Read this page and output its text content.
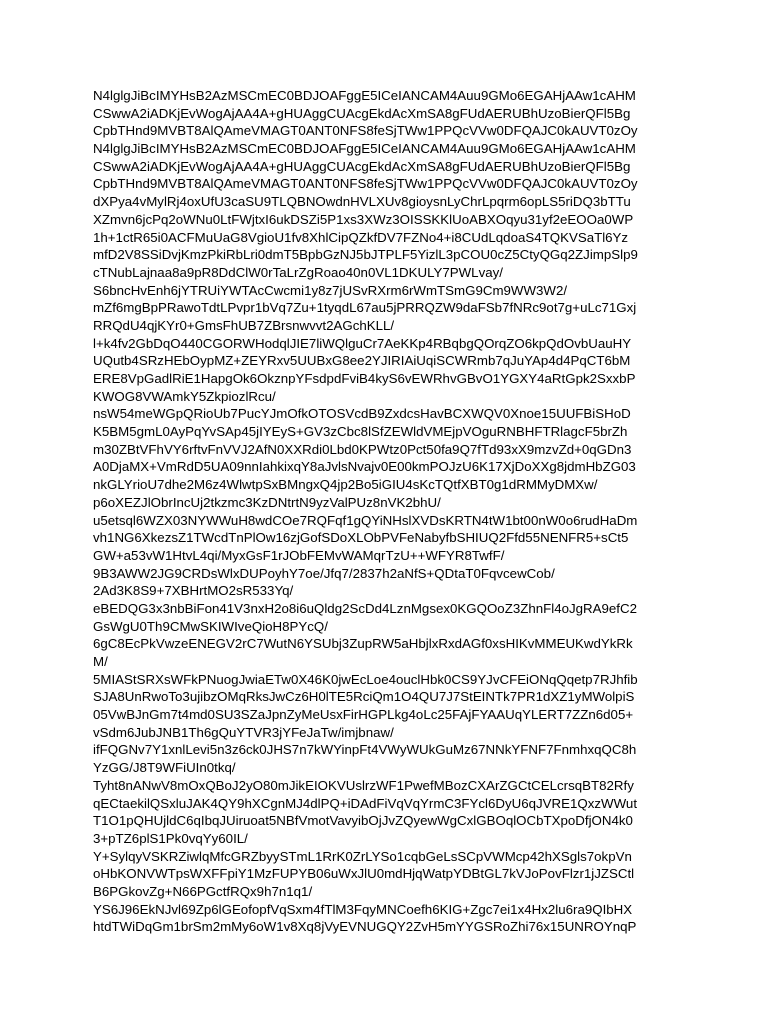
N4lglgJiBcIMYHsB2AzMSCmEC0BDJOAFggE5ICeIANCAM4Auu9GMo6EGAHjAAw1cAHM
CSwwA2iADKjEvWogAjAA4A+gHUAggCUAcgEkdAcXmSA8gFUdAERUBhUzoBierQFl5Bg
CpbTHnd9MVBT8AlQAmeVMAGT0ANT0NFS8feSjTWw1PPQcVVw0DFQAJC0kAUVT0zOy
N4lglgJiBcIMYHsB2AzMSCmEC0BDJOAFggE5ICeIANCAM4Auu9GMo6EGAHjAAw1cAHM
CSwwA2iADKjEvWogAjAA4A+gHUAggCUAcgEkdAcXmSA8gFUdAERUBhUzoBierQFl5Bg
CpbTHnd9MVBT8AlQAmeVMAGT0ANT0NFS8feSjTWw1PPQcVVw0DFQAJC0kAUVT0zOy
dXPya4vMylRj4oxUfU3caSU9TLQBNOwdnHVLXUv8gioysnLyChrLpqrm6opLS5riDQ3bTTu
XZmvn6jcPq2oWNu0LtFWjtxI6ukDSZi5P1xs3XWz3OISSKKlUoABXOqyu31yf2eEOOa0WP
1h+1ctR65i0ACFMuUaG8VgioU1fv8XhlCipQZkfDV7FZNo4+i8CUdLqdoaS4TQKVSaTl6Yz
mfD2V8SSiDvjKmzPkiRbLri0dmT5BpbGzNJ5bJTPLF5YizlL3pCOU0cZ5CtyQGq2ZJimpSlp9
cTNubLajnaa8a9pR8DdClW0rTaLrZgRoao40n0VL1DKULY7PWLvay/
S6bncHvEnh6jYTRUiYWTAcCwcmi1y8z7jUSvRXrm6rWmTSmG9Cm9WW3W2/
mZf6mgBpPRawoTdtLPvpr1bVq7Zu+1tyqdL67au5jPRRQZW9daFSb7fNRc9ot7g+uLc71Gxj
RRQdU4qjKYr0+GmsFhUB7ZBrsnwvvt2AGchKLL/
l+k4fv2GbDqO440CGORWHodqlJIE7liWQlguCr7AeKKp4RBqbgQOrqZO6kpQdOvbUauHY
UQutb4SRzHEbOypMZ+ZEYRxv5UUBxG8ee2YJIRIAiUqiSCWRmb7qJuYAp4d4PqCT6bM
ERE8VpGadlRiE1HapgOk6OkznpYFsdpdFviB4kyS6vEWRhvGBvO1YGXY4aRtGpk2SxxbP
KWOG8VWAmkY5ZkpiozlRcu/
nsW54meWGpQRioUb7PucYJmOfkOTOSVcdB9ZxdcsHavBCXWQV0Xnoe15UUFBiSHoD
K5BM5gmL0AyPqYvSAp45jIYEyS+GV3zCbc8lSfZEWldVMEjpVOguRNBHFTRlagcF5brZh
m30ZBtVFhVY6rftvFnVVJ2AfN0XXRdi0Lbd0KPWtz0Pct50fa9Q7fTd93xX9mzvZd+0qGDn3
A0DjaMX+VmRdD5UA09nnIahkixqY8aJvlsNvajv0E00kmPOJzU6K17XjDoXXg8jdmHbZG03
nkGLYrioU7dhe2M6z4WlwtpSxBMngxQ4jp2Bo5iGIU4sKcTQtfXBT0g1dRMMyDMXw/
p6oXEZJlObrIncUj2tkzmc3KzDNtrtN9yzValPUz8nVK2bhU/
u5etsql6WZX03NYWWuH8wdCOe7RQFqf1gQYiNHslXVDsKRTN4tW1bt00nW0o6rudHaDm
vh1NG6XkezsZ1TWcdTnPlOw16zjGofSDoXLObPVFeNabyfbSHIUQ2Ffd55NENFR5+sCt5
GW+a53vW1HtvL4qi/MyxGsF1rJObFEMvWAMqrTzU++WFYR8TwfF/
9B3AWW2JG9CRDsWlxDUPoyhY7oe/Jfq7/2837h2aNfS+QDtaT0FqvcewCob/
2Ad3K8S9+7XBHrtMO2sR533Yq/
eBEDQG3x3nbBiFon41V3nxH2o8i6uQldg2ScDd4LznMgsex0KGQOoZ3ZhnFl4oJgRA9efC2
GsWgU0Th9CMwSKIWIveQioH8PYcQ/
6gC8EcPkVwzeENEGV2rC7WutN6YSUbj3ZupRW5aHbjlxRxdAGf0xsHIKvMMEUKwdYkRk
M/
5MIAStSRXsWFkPNuogJwiaETw0X46K0jwEcLoe4ouclHbk0CS9YJvCFEiONqQqetp7RJhfib
SJA8UnRwoTo3ujibzOMqRksJwCz6H0lTE5RciQm1O4QU7J7StEINTk7PR1dXZ1yMWolpiS
05VwBJnGm7t4md0SU3SZaJpnZyMeUsxFirHGPLkg4oLc25FAjFYAAUqYLERT7ZZn6d05+
vSdm6JubJNB1Th6gQuYTVR3jYFeJaTw/imjbnaw/
ifFQGNv7Y1xnlLevi5n3z6ck0JHS7n7kWYinpFt4VWyWUkGuMz67NNkYFNF7FnmhxqQC8h
YzGG/J8T9WFiUIn0tkq/
Tyht8nANwV8mOxQBoJ2yO80mJikEIOKVUslrzWF1PwefMBozCXArZGCtCELcrsqBT82Rfy
qECtaekilQSxluJAK4QY9hXCgnMJ4dlPQ+iDAdFiVqVqYrmC3FYcl6DyU6qJVRE1QxzWWut
T1O1pQHUjldC6qIbqJUiruoat5NBfVmotVavyibOjJvZQyewWgCxlGBOqlOCbTXpoDfjON4k0
3+pTZ6plS1Pk0vqYy60IL/
Y+SylqyVSKRZiwlqMfcGRZbyySTmL1RrK0ZrLYSo1cqbGeLsSCpVWMcp42hXSgls7okpVn
oHbKONVWTpsWXFFpiY1MzFUPYB06uWxJlU0mdHjqWatpYDBtGL7kVJoPovFlzr1jJZSCtl
B6PGkovZg+N66PGctfRQx9h7n1q1/
YS6J96EkNJvl69Zp6lGEofopfVqSxm4fTlM3FqyMNCoefh6KIG+Zgc7ei1x4Hx2lu6ra9QIbHX
htdTWiDqGm1brSm2mMy6oW1v8Xq8jVyEVNUGQY2ZvH5mYYGSRoZhi76x15UNROYnqP
